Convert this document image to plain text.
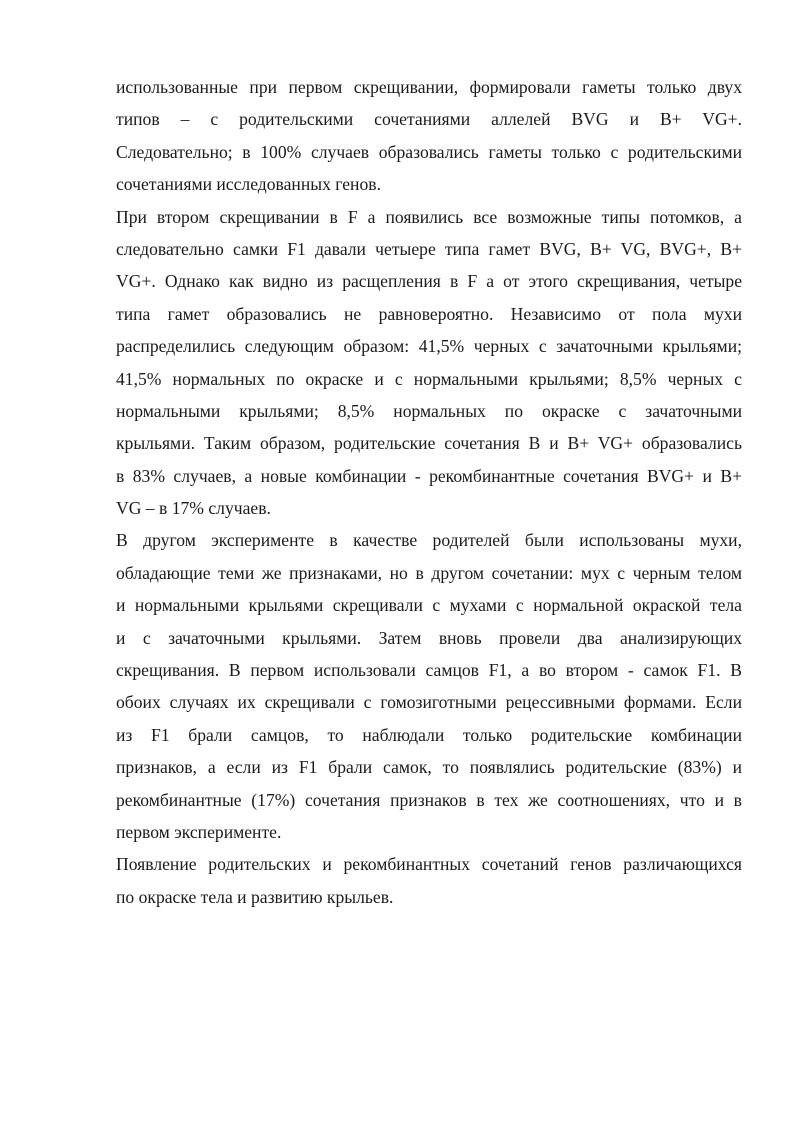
использованные при первом скрещивании, формировали гаметы только двух
типов – с родительскими сочетаниями аллелей BVG и B+ VG+.
Следовательно; в 100% случаев образовались гаметы только с родительскими
сочетаниями исследованных генов.

При втором скрещивании в F а появились все возможные типы потомков, а
следовательно самки F1 давали четыере типа гамет BVG, B+ VG, BVG+, B+
VG+. Однако как видно из расщепления в F а от этого скрещивания, четыре
типа гамет образовались не равновероятно. Независимо от пола мухи
распределились следующим образом: 41,5% черных с зачаточными крыльями;
41,5% нормальных по окраске и с нормальными крыльями; 8,5% черных с
нормальными крыльями; 8,5% нормальных по окраске с зачаточными
крыльями. Таким образом, родительские сочетания B и B+ VG+ образовались
в 83% случаев, а новые комбинации - рекомбинантные сочетания BVG+ и B+
VG – в 17% случаев.

В другом эксперименте в качестве родителей были использованы мухи,
обладающие теми же признаками, но в другом сочетании: мух с черным телом
и нормальными крыльями скрещивали с мухами с нормальной окраской тела
и с зачаточными крыльями. Затем вновь провели два анализирующих
скрещивания. В первом использовали самцов F1, а во втором - самок F1. В
обоих случаях их скрещивали с гомозиготными рецессивными формами. Если
из F1 брали самцов, то наблюдали только родительские комбинации
признаков, а если из F1 брали самок, то появлялись родительские (83%) и
рекомбинантные (17%) сочетания признаков в тех же соотношениях, что и в
первом эксперименте.

Появление родительских и рекомбинантных сочетаний генов различающихся
по окраске тела и развитию крыльев.
